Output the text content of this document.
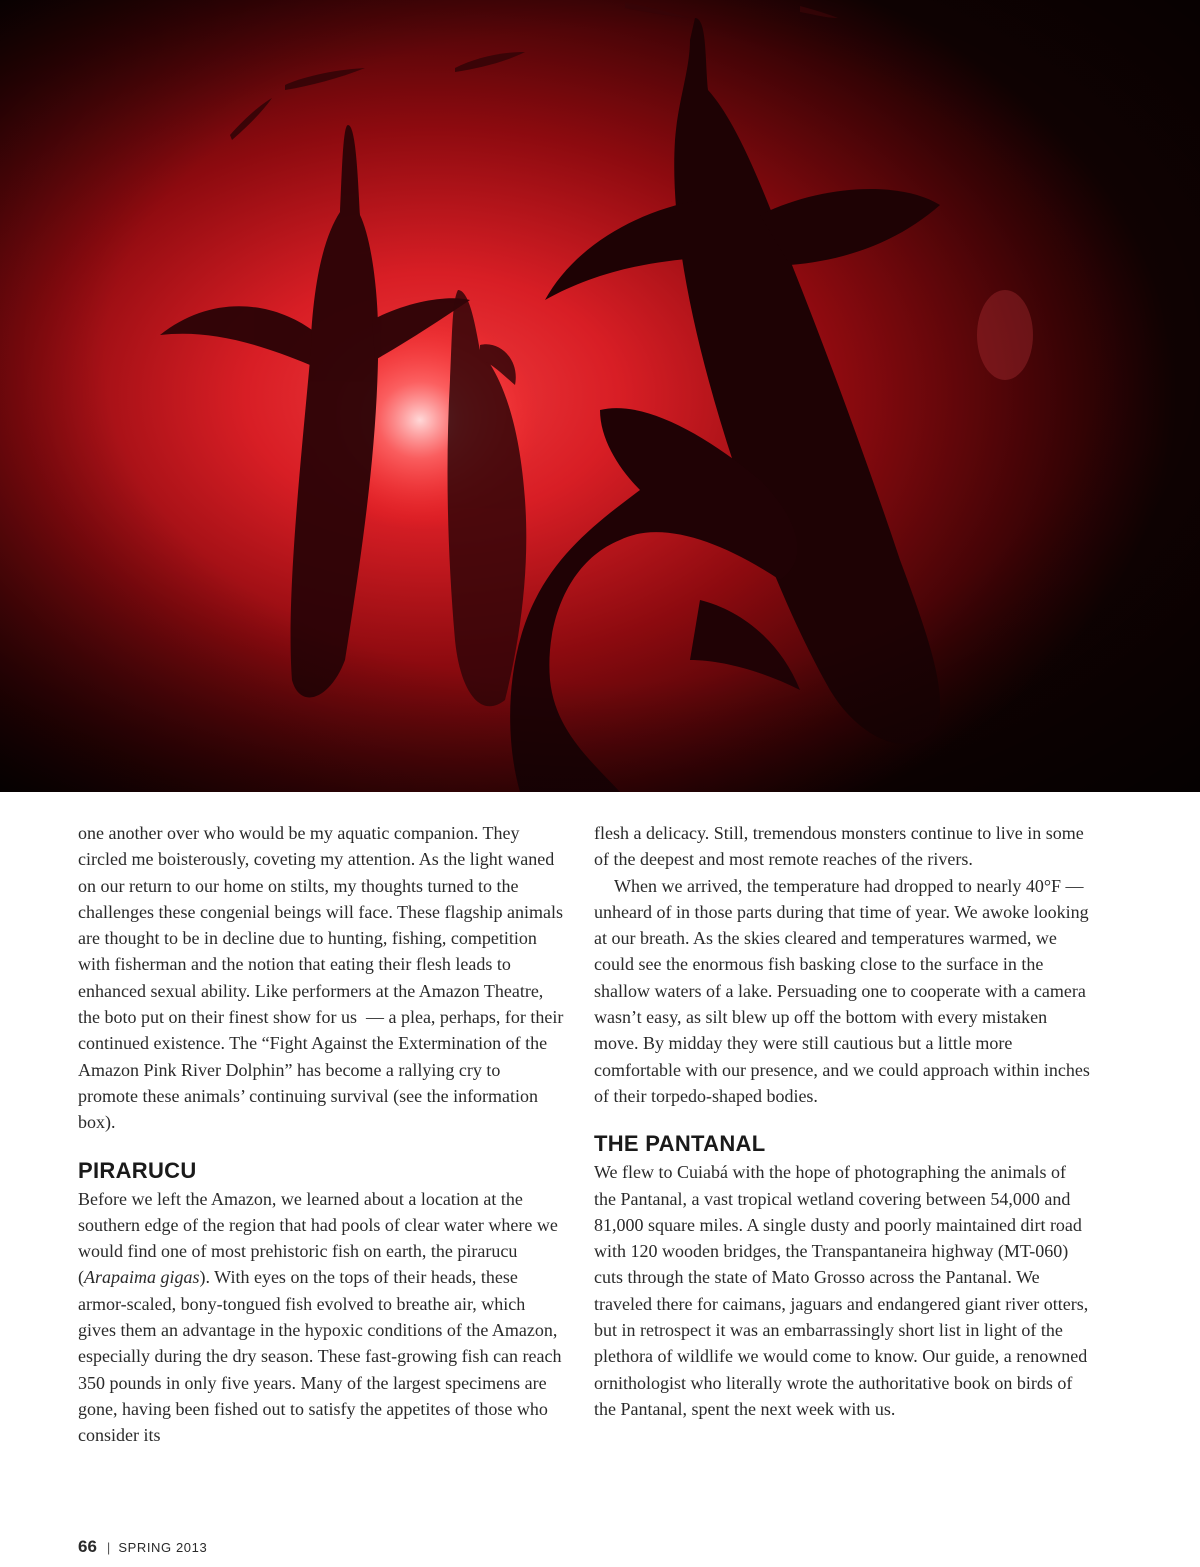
one another over who would be my aquatic companion. They circled me boisterously, coveting my attention. As the light waned on our return to our home on stilts, my thoughts turned to the challenges these congenial beings will face. These flagship animals are thought to be in decline due to hunting, fishing, competition with fisherman and the notion that eating their flesh leads to enhanced sexual ability. Like performers at the Amazon Theatre, the boto put on their finest show for us  — a plea, perhaps, for their continued existence. The “Fight Against the Extermination of the Amazon Pink River Dolphin” has become a rallying cry to promote these animals’ continuing survival (see the information box).

PIRARUCU

Before we left the Amazon, we learned about a location at the southern edge of the region that had pools of clear water where we would find one of most prehistoric fish on earth, the pirarucu (Arapaima gigas). With eyes on the tops of their heads, these armor-scaled, bony-tongued fish evolved to breathe air, which gives them an advantage in the hypoxic conditions of the Amazon, especially during the dry season. These fast-growing fish can reach 350 pounds in only five years. Many of the largest specimens are gone, having been fished out to satisfy the appetites of those who consider its

flesh a delicacy. Still, tremendous monsters continue to live in some of the deepest and most remote reaches of the rivers.

When we arrived, the temperature had dropped to nearly 40°F — unheard of in those parts during that time of year. We awoke looking at our breath. As the skies cleared and temperatures warmed, we could see the enormous fish basking close to the surface in the shallow waters of a lake. Persuading one to cooperate with a camera wasn’t easy, as silt blew up off the bottom with every mistaken move. By midday they were still cautious but a little more comfortable with our presence, and we could approach within inches of their torpedo-shaped bodies.

THE PANTANAL

We flew to Cuiabá with the hope of photographing the animals of the Pantanal, a vast tropical wetland covering between 54,000 and 81,000 square miles. A single dusty and poorly maintained dirt road with 120 wooden bridges, the Transpantaneira highway (MT-060) cuts through the state of Mato Grosso across the Pantanal. We traveled there for caimans, jaguars and endangered giant river otters, but in retrospect it was an embarrassingly short list in light of the plethora of wildlife we would come to know. Our guide, a renowned ornithologist who literally wrote the authoritative book on birds of the Pantanal, spent the next week with us.

66 | SPRING 2013
